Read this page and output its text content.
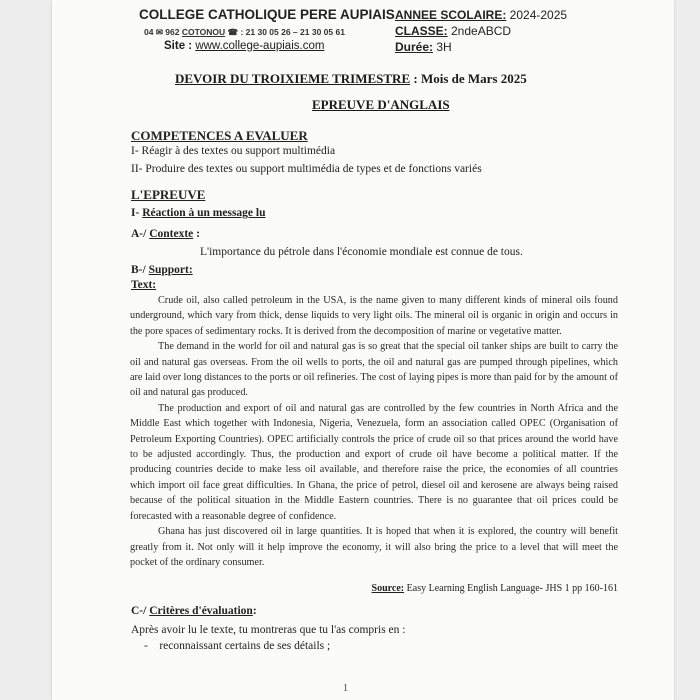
COLLEGE CATHOLIQUE PERE AUPIAIS
04 ✉ 962 COTONOU ☎ : 21 30 05 26 – 21 30 05 61
Site : www.college-aupiais.com
ANNEE SCOLAIRE: 2024-2025
CLASSE: 2ndeABCD
Durée: 3H
DEVOIR DU TROIXIEME TRIMESTRE : Mois de Mars 2025
EPREUVE D'ANGLAIS
COMPETENCES A EVALUER
I- Réagir à des textes ou support multimédia
II- Produire des textes ou support multimédia de types et de fonctions variés
L'EPREUVE
I- Réaction à un message lu
A-/ Contexte :
L'importance du pétrole dans l'économie mondiale est connue de tous.
B-/ Support:
Text:

Crude oil, also called petroleum in the USA, is the name given to many different kinds of mineral oils found underground, which vary from thick, dense liquids to very light oils. The mineral oil is organic in origin and occurs in the pore spaces of sedimentary rocks. It is derived from the decomposition of marine or vegetative matter.

The demand in the world for oil and natural gas is so great that the special oil tanker ships are built to carry the oil and natural gas overseas. From the oil wells to ports, the oil and natural gas are pumped through pipelines, which are laid over long distances to the ports or oil refineries. The cost of laying pipes is more than paid for by the amount of oil and natural gas produced.

The production and export of oil and natural gas are controlled by the few countries in North Africa and the Middle East which together with Indonesia, Nigeria, Venezuela, form an association called OPEC (Organisation of Petroleum Exporting Countries). OPEC artificially controls the price of crude oil so that prices around the world have to be adjusted accordingly. Thus, the production and export of crude oil have become a political matter. If the producing countries decide to make less oil available, and therefore raise the price, the economies of all countries which import oil face great difficulties. In Ghana, the price of petrol, diesel oil and kerosene are always being raised because of the political situation in the Middle Eastern countries. There is no guarantee that oil prices could be forecasted with a reasonable degree of confidence.

Ghana has just discovered oil in large quantities. It is hoped that when it is explored, the country will benefit greatly from it. Not only will it help improve the economy, it will also bring the price to a level that will meet the pocket of the ordinary consumer.

Source: Easy Learning English Language- JHS 1 pp 160-161
C-/ Critères d'évaluation:
Après avoir lu le texte, tu montreras que tu l'as compris en :
-    reconnaissant certains de ses détails ;
1
